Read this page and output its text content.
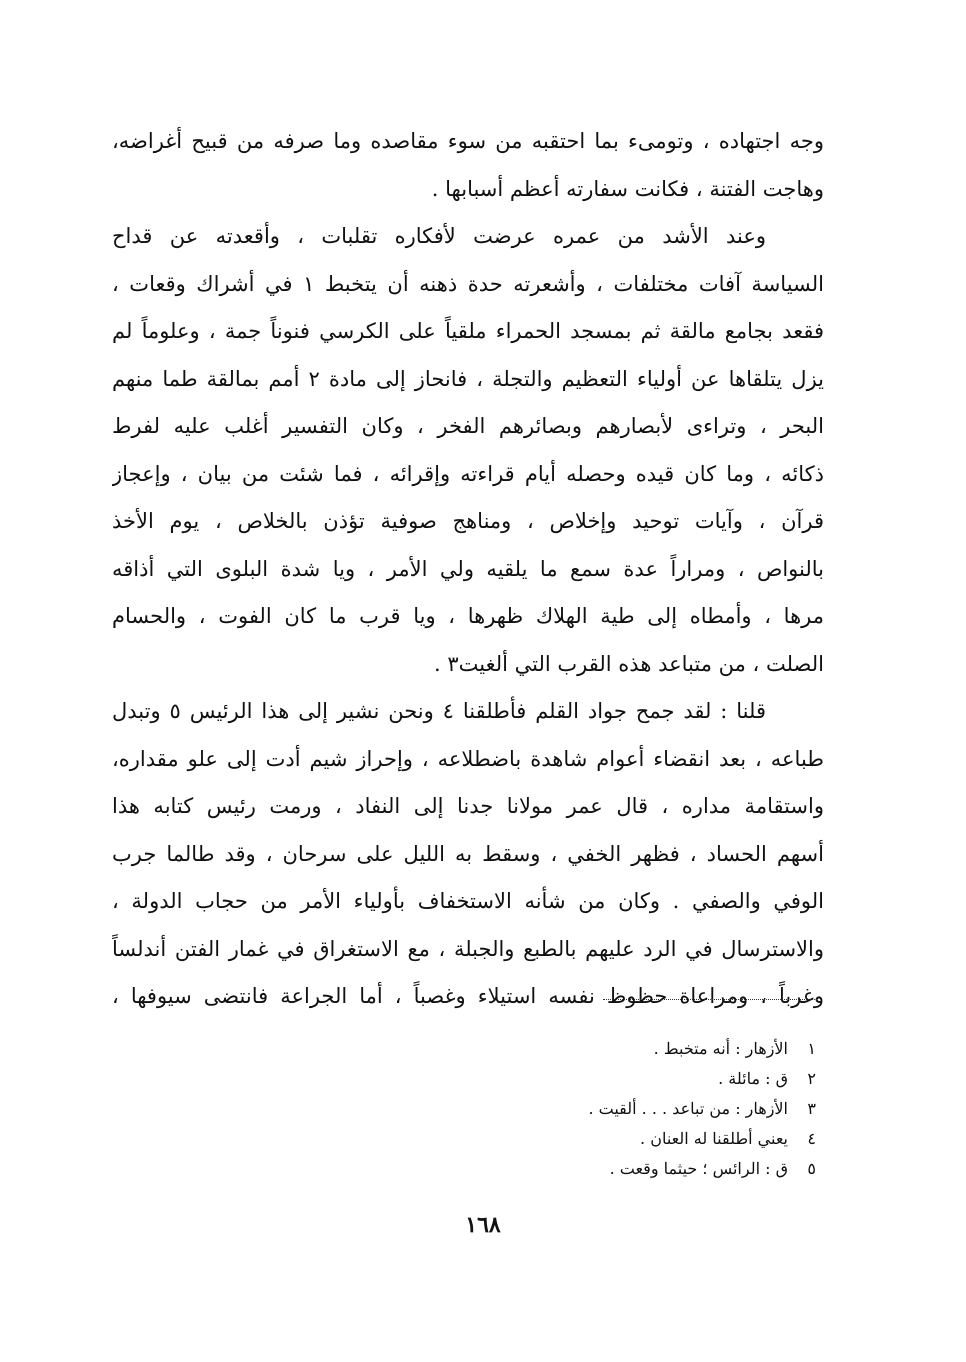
وجه اجتهاده ، وتومىء بما احتقبه من سوء مقاصده وما صرفه من قبيح أغراضه،
وهاجت الفتنة ، فكانت سفارته أعظم أسبابها .
وعند الأشد من عمره عرضت لأفكاره تقلبات ، وأقعدته عن قداح
السياسة آفات مختلفات ، وأشعرته حدة ذهنه أن يتخبط ١ في أشراك وقعات ،
فقعد بجامع مالقة ثم بمسجد الحمراء ملقياً على الكرسي فنوناً جمة ، وعلوماً لم
يزل يتلقاها عن أولياء التعظيم والتجلة ، فانحاز إلى مادة ٢ أمم بمالقة طما منهم
البحر ، وتراءى لأبصارهم وبصائرهم الفخر ، وكان التفسير أغلب عليه لفرط
ذكائه ، وما كان قيده وحصله أيام قراءته وإقرائه ، فما شئت من بيان ، وإعجاز
قرآن ، وآيات توحيد وإخلاص ، ومناهج صوفية تؤذن بالخلاص ، يوم الأخذ
بالنواص ، ومراراً عدة سمع ما يلقيه ولي الأمر ، ويا شدة البلوى التي أذاقه
مرها ، وأمطاه إلى طية الهلاك ظهرها ، ويا قرب ما كان الفوت ، والحسام
الصلت ، من متباعد هذه القرب التي ألغيت٣ .
قلنا : لقد جمح جواد القلم فأطلقنا ٤ ونحن نشير إلى هذا الرئيس ٥ وتبدل
طباعه ، بعد انقضاء أعوام شاهدة باضطلاعه ، وإحراز شيم أدت إلى علو مقداره،
واستقامة مداره ، قال عمر مولانا جدنا إلى النفاد ، ورمت رئيس كتابه هذا
أسهم الحساد ، فظهر الخفي ، وسقط به الليل على سرحان ، وقد طالما جرب
الوفي والصفي . وكان من شأنه الاستخفاف بأولياء الأمر من حجاب الدولة ،
والاسترسال في الرد عليهم بالطبع والجبلة ، مع الاستغراق في غمار الفتن أندلساً
وغرباً ، ومراعاة حظوظ نفسه استيلاء وغصباً ، أما الجراعة فانتضى سيوفها ،
١الأزهار : أنه متخبط .
٢ق : مائلة .
٣الأزهار : من تباعد . . . ألقيت .
٤يعني أطلقنا له العنان .
٥ق : الرائس ؛ حيثما وقعت .
١٦٨
